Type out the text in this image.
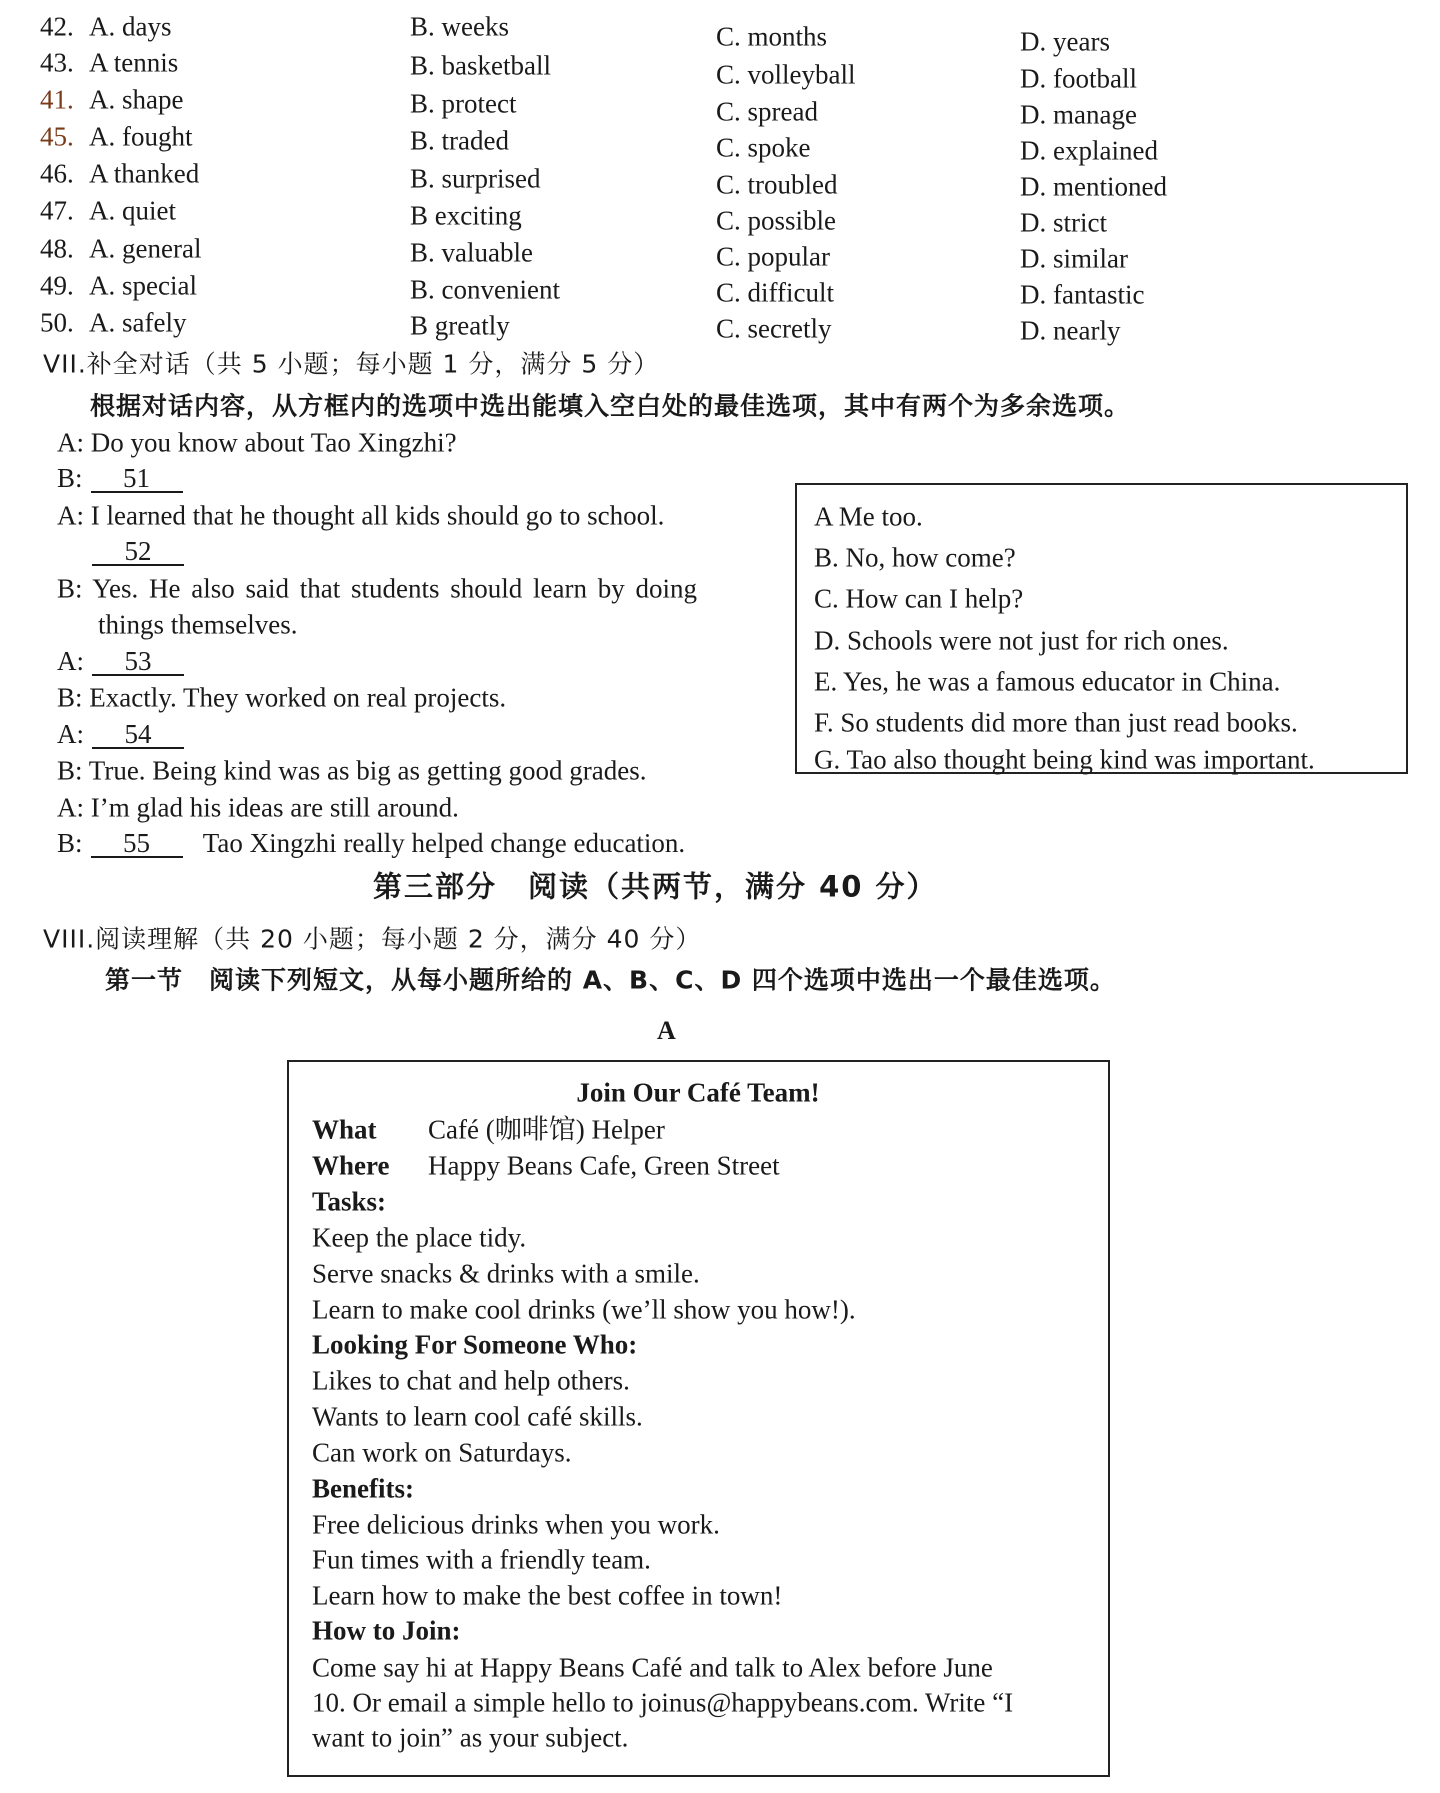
42. A. days	B. weeks	C. months	D. years
43. A tennis	B. basketball	C. volleyball	D. football
41. A. shape	B. protect	C. spread	D. manage
45. A. fought	B. traded	C. spoke	D. explained
46. A thanked	B. surprised	C. troubled	D. mentioned
47. A. quiet	B exciting	C. possible	D. strict
48. A. general	B. valuable	C. popular	D. similar
49. A. special	B. convenient	C. difficult	D. fantastic
50. A. safely	B greatly	C. secretly	D. nearly
VII.补全对话（共 5 小题；每小题 1 分，满分 5 分）
根据对话内容，从方框内的选项中选出能填入空白处的最佳选项，其中有两个为多余选项。
A: Do you know about Tao Xingzhi?
B: 51
A: I learned that he thought all kids should go to school.
52
B: Yes. He also said that students should learn by doing
things themselves.
A: 53
B: Exactly. They worked on real projects.
A: 54
B: True. Being kind was as big as getting good grades.
A: I’m glad his ideas are still around.
B: 55 Tao Xingzhi really helped change education.
A Me too.
B. No, how come?
C. How can I help?
D. Schools were not just for rich ones.
E. Yes, he was a famous educator in China.
F. So students did more than just read books.
G. Tao also thought being kind was important.
第三部分　阅读（共两节，满分 40 分）
VIII.阅读理解（共 20 小题；每小题 2 分，满分 40 分）
第一节　阅读下列短文，从每小题所给的 A、B、C、D 四个选项中选出一个最佳选项。
A
Join Our Café Team!
What Café (咖啡馆) Helper
Where Happy Beans Cafe, Green Street
Tasks:
Keep the place tidy.
Serve snacks & drinks with a smile.
Learn to make cool drinks (we’ll show you how!).
Looking For Someone Who:
Likes to chat and help others.
Wants to learn cool café skills.
Can work on Saturdays.
Benefits:
Free delicious drinks when you work.
Fun times with a friendly team.
Learn how to make the best coffee in town!
How to Join:
Come say hi at Happy Beans Café and talk to Alex before June
10. Or email a simple hello to joinus@happybeans.com. Write “I
want to join” as your subject.
